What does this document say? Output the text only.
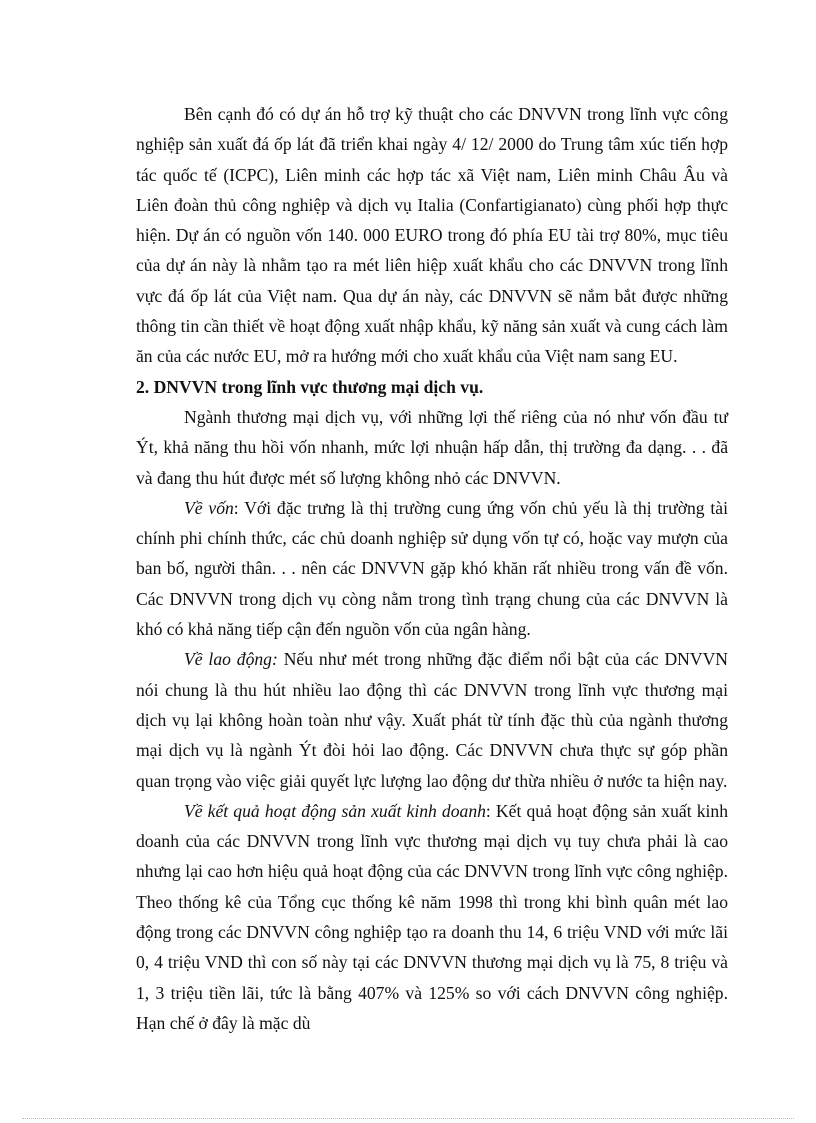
Bên cạnh đó có dự án hỗ trợ kỹ thuật cho các DNVVN trong lĩnh vực công nghiệp sản xuất đá ốp lát đã triển khai ngày 4/ 12/ 2000 do Trung tâm xúc tiến hợp tác quốc tế (ICPC), Liên minh các hợp tác xã Việt nam, Liên minh Châu Âu và Liên đoàn thủ công nghiệp và dịch vụ Italia (Confartigianato) cùng phối hợp thực hiện. Dự án có nguồn vốn 140. 000 EURO trong đó phía EU tài trợ 80%, mục tiêu của dự án này là nhằm tạo ra mét liên hiệp xuất khẩu cho các DNVVN trong lĩnh vực đá ốp lát của Việt nam. Qua dự án này, các DNVVN sẽ nắm bắt được những thông tin cần thiết về hoạt động xuất nhập khẩu, kỹ năng sản xuất và cung cách làm ăn của các nước EU, mở ra hướng mới cho xuất khẩu của Việt nam sang EU.

2. DNVVN trong lĩnh vực thương mại dịch vụ.

Ngành thương mại dịch vụ, với những lợi thế riêng của nó như vốn đầu tư Ýt, khả năng thu hồi vốn nhanh, mức lợi nhuận hấp dẫn, thị trường đa dạng. . . đã và đang thu hút được mét số lượng không nhỏ các DNVVN.

Về vốn: Với đặc trưng là thị trường cung ứng vốn chủ yếu là thị trường tài chính phi chính thức, các chủ doanh nghiệp sử dụng vốn tự có, hoặc vay mượn của ban bố, người thân. . . nên các DNVVN gặp khó khăn rất nhiều trong vấn đề vốn. Các DNVVN trong dịch vụ còng nằm trong tình trạng chung của các DNVVN là khó có khả năng tiếp cận đến nguồn vốn của ngân hàng.

Về lao động: Nếu như mét trong những đặc điểm nổi bật của các DNVVN nói chung là thu hút nhiều lao động thì các DNVVN trong lĩnh vực thương mại dịch vụ lại không hoàn toàn như vậy. Xuất phát từ tính đặc thù của ngành thương mại dịch vụ là ngành Ýt đòi hỏi lao động. Các DNVVN chưa thực sự góp phần quan trọng vào việc giải quyết lực lượng lao động dư thừa nhiều ở nước ta hiện nay.

Về kết quả hoạt động sản xuất kinh doanh: Kết quả hoạt động sản xuất kinh doanh của các DNVVN trong lĩnh vực thương mại dịch vụ tuy chưa phải là cao nhưng lại cao hơn hiệu quả hoạt động của các DNVVN trong lĩnh vực công nghiệp. Theo thống kê của Tổng cục thống kê năm 1998 thì trong khi bình quân mét lao động trong các DNVVN công nghiệp tạo ra doanh thu 14, 6 triệu VND với mức lãi 0, 4 triệu VND thì con số này tại các DNVVN thương mại dịch vụ là 75, 8 triệu và 1, 3 triệu tiền lãi, tức là bằng 407% và 125% so với cách DNVVN công nghiệp. Hạn chế ở đây là mặc dù
